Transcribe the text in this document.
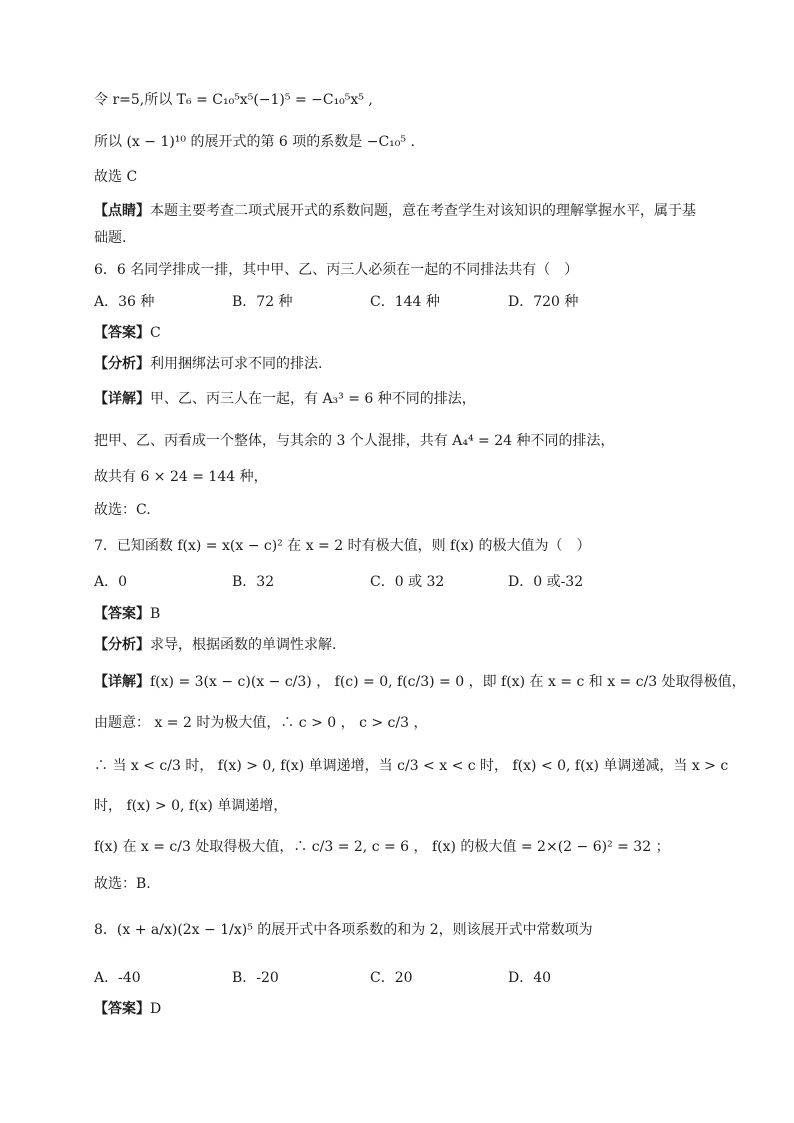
令 r=5,所以 T₆ = C₁₀⁵x⁵(−1)⁵ = −C₁₀⁵x⁵ ,
所以 (x − 1)¹⁰ 的展开式的第 6 项的系数是 −C₁₀⁵ .
故选 C
【点睛】本题主要考查二项式展开式的系数问题，意在考查学生对该知识的理解掌握水平，属于基
础题.
6．6 名同学排成一排，其中甲、乙、丙三人必须在一起的不同排法共有（　）
A．36 种	B．72 种	C．144 种	D．720 种
【答案】C
【分析】利用捆绑法可求不同的排法.
【详解】甲、乙、丙三人在一起，有 A₃³ = 6 种不同的排法，
把甲、乙、丙看成一个整体，与其余的 3 个人混排，共有 A₄⁴ = 24 种不同的排法，
故共有 6 × 24 = 144 种，
故选：C.
7．已知函数 f(x) = x(x − c)² 在 x = 2 时有极大值，则 f(x) 的极大值为（　）
A．0	B．32	C．0 或 32	D．0 或-32
【答案】B
【分析】求导，根据函数的单调性求解.
【详解】f(x) = 3(x − c)(x − c/3) ， f(c) = 0, f(c/3) = 0 ，即 f(x) 在 x = c 和 x = c/3 处取得极值，
由题意： x = 2 时为极大值，∴ c > 0 ， c > c/3 ，
∴ 当 x < c/3 时， f(x) > 0, f(x) 单调递增，当 c/3 < x < c 时， f(x) < 0, f(x) 单调递减，当 x > c
时， f(x) > 0, f(x) 单调递增，
f(x) 在 x = c/3 处取得极大值，∴ c/3 = 2, c = 6 ， f(x) 的极大值 = 2×(2 − 6)² = 32 ；
故选：B.
8．(x + a/x)(2x − 1/x)⁵ 的展开式中各项系数的和为 2，则该展开式中常数项为
A．-40	B．-20	C．20	D．40
【答案】D
